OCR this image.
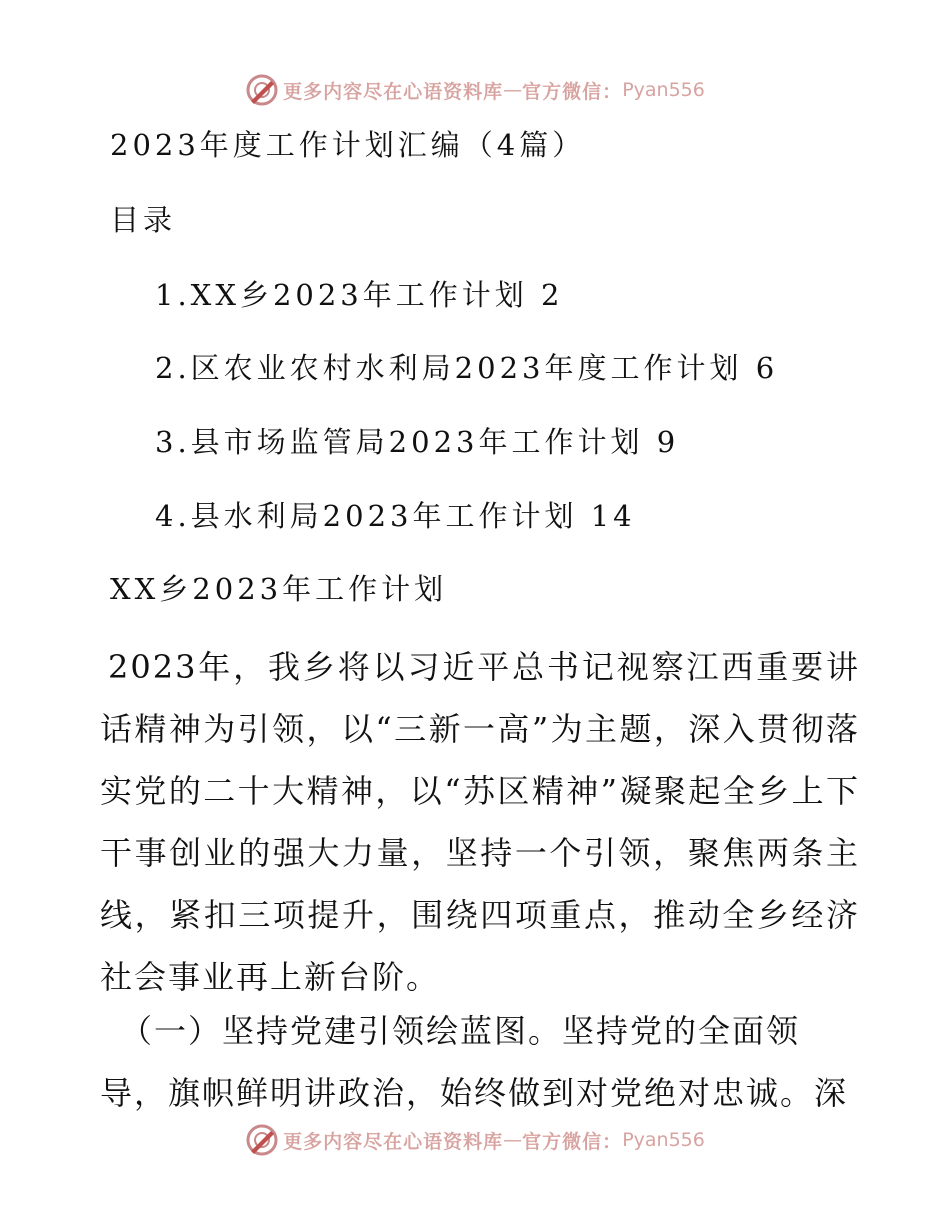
更多内容尽在心语资料库 — 官方微信： Pyan556
2023年度工作计划汇编（4篇）
目录
1.XX乡2023年工作计划 2
2.区农业农村水利局2023年度工作计划 6
3.县市场监管局2023年工作计划 9
4.县水利局2023年工作计划 14
XX乡2023年工作计划
2023年，我乡将以习近平总书记视察江西重要讲话精神为引领，以“三新一高”为主题，深入贯彻落实党的二十大精神，以“苏区精神”凝聚起全乡上下干事创业的强大力量，坚持一个引领，聚焦两条主线，紧扣三项提升，围绕四项重点，推动全乡经济社会事业再上新台阶。
（一）坚持党建引领绘蓝图。坚持党的全面领导，旗帜鲜明讲政治，始终做到对党绝对忠诚。深
更多内容尽在心语资料库 — 官方微信： Pyan556
